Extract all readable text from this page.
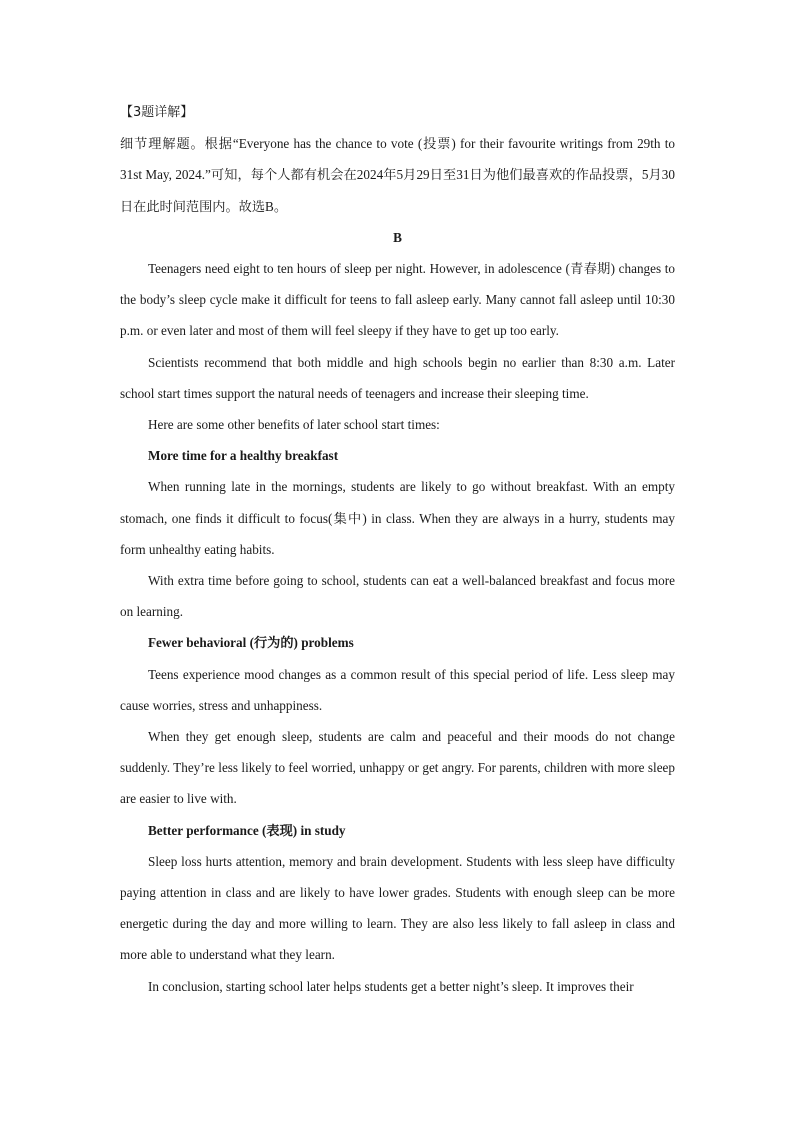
【3题详解】

细节理解题。根据“Everyone has the chance to vote (投票) for their favourite writings from 29th to 31st May, 2024.”可知，每个人都有机会在2024年5月29日至31日为他们最喜欢的作品投票，5月30日在此时间范围内。故选B。

B

Teenagers need eight to ten hours of sleep per night. However, in adolescence (青春期) changes to the body’s sleep cycle make it difficult for teens to fall asleep early. Many cannot fall asleep until 10:30 p.m. or even later and most of them will feel sleepy if they have to get up too early.

Scientists recommend that both middle and high schools begin no earlier than 8:30 a.m. Later school start times support the natural needs of teenagers and increase their sleeping time.

Here are some other benefits of later school start times:

More time for a healthy breakfast

When running late in the mornings, students are likely to go without breakfast. With an empty stomach, one finds it difficult to focus(集中) in class. When they are always in a hurry, students may form unhealthy eating habits.

With extra time before going to school, students can eat a well-balanced breakfast and focus more on learning.

Fewer behavioral (行为的) problems

Teens experience mood changes as a common result of this special period of life. Less sleep may cause worries, stress and unhappiness.

When they get enough sleep, students are calm and peaceful and their moods do not change suddenly. They’re less likely to feel worried, unhappy or get angry. For parents, children with more sleep are easier to live with.

Better performance (表现) in study

Sleep loss hurts attention, memory and brain development. Students with less sleep have difficulty paying attention in class and are likely to have lower grades. Students with enough sleep can be more energetic during the day and more willing to learn. They are also less likely to fall asleep in class and more able to understand what they learn.

In conclusion, starting school later helps students get a better night’s sleep. It improves their
